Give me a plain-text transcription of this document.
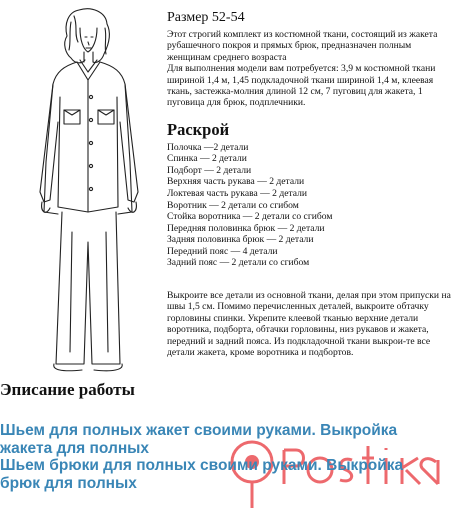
Размер 52-54

Этот строгий комплект из костюмной ткани, состоящий из жакета рубашечного покроя и прямых брюк, предназначен полным женщинам среднего возраста

Для выполнения модели вам потребуется: 3,9 м костюмной ткани шириной 1,4 м, 1,45 подкладочной ткани шириной 1,4 м, клеевая ткань, застежка-молния длиной 12 см, 7 пуговиц для жакета, 1 пуговица для брюк, подплечники.

Раскрой
Полочка —2 детали
Спинка — 2 детали
Подборт — 2 детали
Верхняя часть рукава — 2 детали
Локтевая часть рукава — 2 детали
Воротник — 2 детали со сгибом
Стойка воротника — 2 детали со сгибом
Передняя половинка брюк — 2 детали
Задняя половинка брюк — 2 детали
Передний пояс — 4 детали
Задний пояс — 2 детали со сгибом

Выкроите все детали из основной ткани, делая при этом припуски на швы 1,5 см. Помимо перечисленных деталей, выкроите обтачку горловины спинки. Укрепите клеевой тканью верхние детали воротника, подборта, обтачки горловины, низ рукавов и жакета, передний и задний пояса. Из подкладочной ткани выкрои-те все детали жакета, кроме воротника и подбортов.

Эписание работы
Шьем для полных жакет своими руками. Выкройка
жакета для полных
Шьем брюки для полных своими руками. Выкройка
брюк для полных
